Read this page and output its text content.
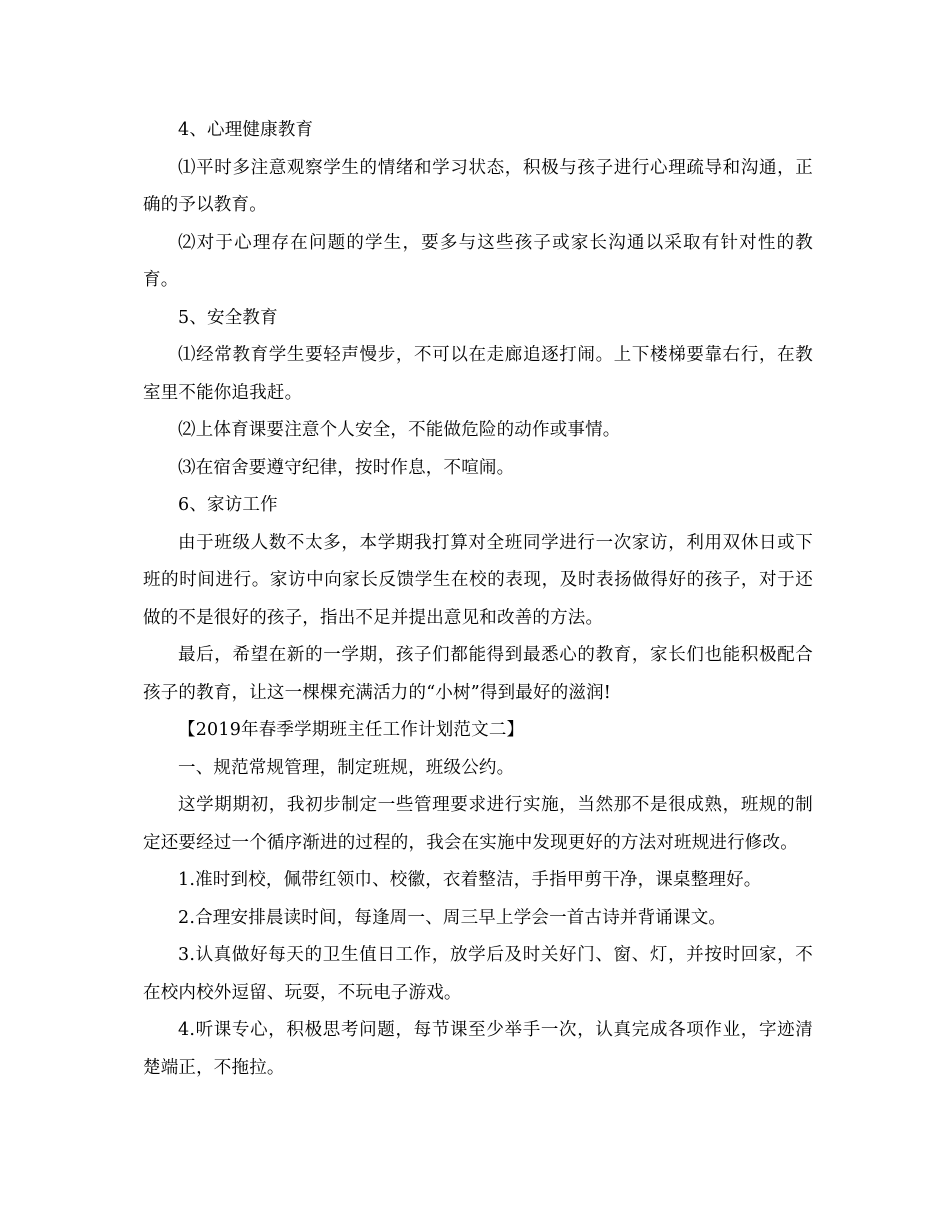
4、心理健康教育

⑴平时多注意观察学生的情绪和学习状态，积极与孩子进行心理疏导和沟通，正确的予以教育。

⑵对于心理存在问题的学生，要多与这些孩子或家长沟通以采取有针对性的教育。

5、安全教育

⑴经常教育学生要轻声慢步，不可以在走廊追逐打闹。上下楼梯要靠右行，在教室里不能你追我赶。

⑵上体育课要注意个人安全，不能做危险的动作或事情。

⑶在宿舍要遵守纪律，按时作息，不喧闹。

6、家访工作

由于班级人数不太多，本学期我打算对全班同学进行一次家访，利用双休日或下班的时间进行。家访中向家长反馈学生在校的表现，及时表扬做得好的孩子，对于还做的不是很好的孩子，指出不足并提出意见和改善的方法。

最后，希望在新的一学期，孩子们都能得到最悉心的教育，家长们也能积极配合孩子的教育，让这一棵棵充满活力的“小树”得到最好的滋润!

【2019年春季学期班主任工作计划范文二】

一、规范常规管理，制定班规，班级公约。

这学期期初，我初步制定一些管理要求进行实施，当然那不是很成熟，班规的制定还要经过一个循序渐进的过程的，我会在实施中发现更好的方法对班规进行修改。

1.准时到校，佩带红领巾、校徽，衣着整洁，手指甲剪干净，课桌整理好。

2.合理安排晨读时间，每逢周一、周三早上学会一首古诗并背诵课文。

3.认真做好每天的卫生值日工作，放学后及时关好门、窗、灯，并按时回家，不在校内校外逗留、玩耍，不玩电子游戏。

4.听课专心，积极思考问题，每节课至少举手一次，认真完成各项作业，字迹清楚端正，不拖拉。
